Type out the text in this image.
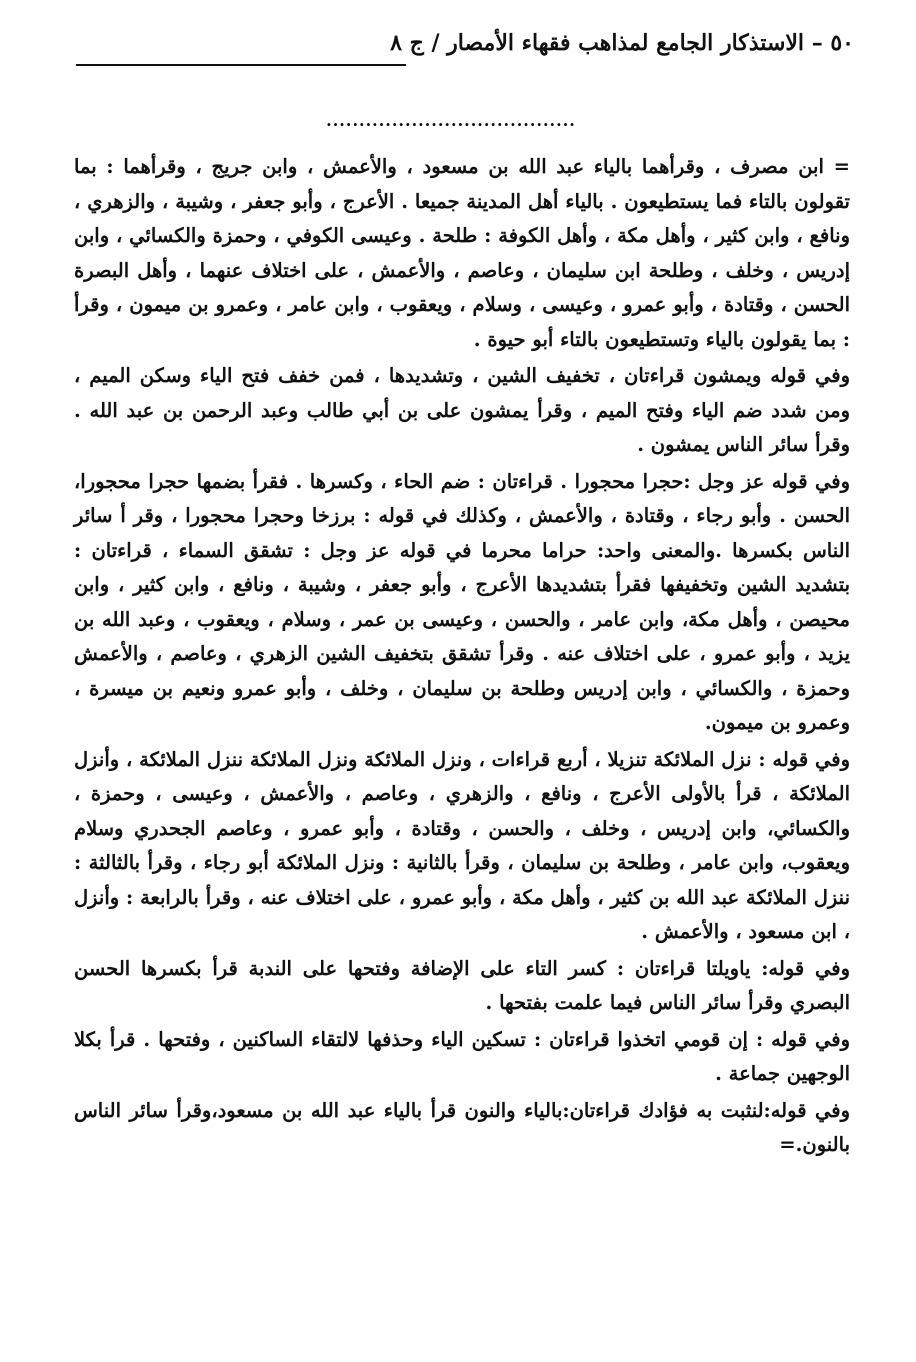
٥٠ – الاستذكار الجامع لمذاهب فقهاء الأمصار / ج ٨
......................................

= ابن مصرف ، وقرأهما بالياء عبد الله بن مسعود ، والأعمش ، وابن جريج ، وقرأهما : بما تقولون بالتاء فما يستطيعون . بالياء أهل المدينة جميعا . الأعرج ، وأبو جعفر ، وشيبة ، والزهري ، ونافع ، وابن كثير ، وأهل مكة ، وأهل الكوفة : طلحة . وعيسى الكوفي ، وحمزة والكسائي ، وابن إدريس ، وخلف ، وطلحة ابن سليمان ، وعاصم ، والأعمش ، على اختلاف عنهما ، وأهل البصرة الحسن ، وقتادة ، وأبو عمرو ، وعيسى ، وسلام ، ويعقوب ، وابن عامر ، وعمرو بن ميمون ، وقرأ : بما يقولون بالياء وتستطيعون بالتاء أبو حيوة .

وفي قوله ويمشون قراءتان ، تخفيف الشين ، وتشديدها ، فمن خفف فتح الياء وسكن الميم ، ومن شدد ضم الياء وفتح الميم ، وقرأ يمشون على بن أبي طالب وعبد الرحمن بن عبد الله . وقرأ سائر الناس يمشون .

وفي قوله عز وجل :حجرا محجورا . قراءتان : ضم الحاء ، وكسرها . فقرأ بضمها حجرا محجورا، الحسن . وأبو رجاء ، وقتادة ، والأعمش ، وكذلك في قوله : برزخا وحجرا محجورا ، وقر أ سائر الناس بكسرها .والمعنى واحد: حراما محرما في قوله عز وجل : تشقق السماء ، قراءتان : بتشديد الشين وتخفيفها فقرأ بتشديدها الأعرج ، وأبو جعفر ، وشيبة ، ونافع ، وابن كثير ، وابن محيصن ، وأهل مكة، وابن عامر ، والحسن ، وعيسى بن عمر ، وسلام ، ويعقوب ، وعبد الله بن يزيد ، وأبو عمرو ، على اختلاف عنه . وقرأ تشقق بتخفيف الشين الزهري ، وعاصم ، والأعمش وحمزة ، والكسائي ، وابن إدريس وطلحة بن سليمان ، وخلف ، وأبو عمرو ونعيم بن ميسرة ، وعمرو بن ميمون.

وفي قوله : نزل الملائكة تنزيلا ، أربع قراءات ، ونزل الملائكة ونزل الملائكة ننزل الملائكة ، وأنزل الملائكة ، قرأ بالأولى الأعرج ، ونافع ، والزهري ، وعاصم ، والأعمش ، وعيسى ، وحمزة ، والكسائي، وابن إدريس ، وخلف ، والحسن ، وقتادة ، وأبو عمرو ، وعاصم الجحدري وسلام ويعقوب، وابن عامر ، وطلحة بن سليمان ، وقرأ بالثانية : ونزل الملائكة أبو رجاء ، وقرأ بالثالثة : ننزل الملائكة عبد الله بن كثير ، وأهل مكة ، وأبو عمرو ، على اختلاف عنه ، وقرأ بالرابعة : وأنزل ، ابن مسعود ، والأعمش .

وفي قوله: ياويلتا قراءتان : كسر التاء على الإضافة وفتحها على الندبة قرأ بكسرها الحسن البصري وقرأ سائر الناس فيما علمت بفتحها .

وفي قوله : إن قومي اتخذوا قراءتان : تسكين الياء وحذفها لالتقاء الساكنين ، وفتحها . قرأ بكلا الوجهين جماعة .

وفي قوله:لنثبت به فؤادك قراءتان:بالياء والنون قرأ بالياء عبد الله بن مسعود،وقرأ سائر الناس بالنون.=
